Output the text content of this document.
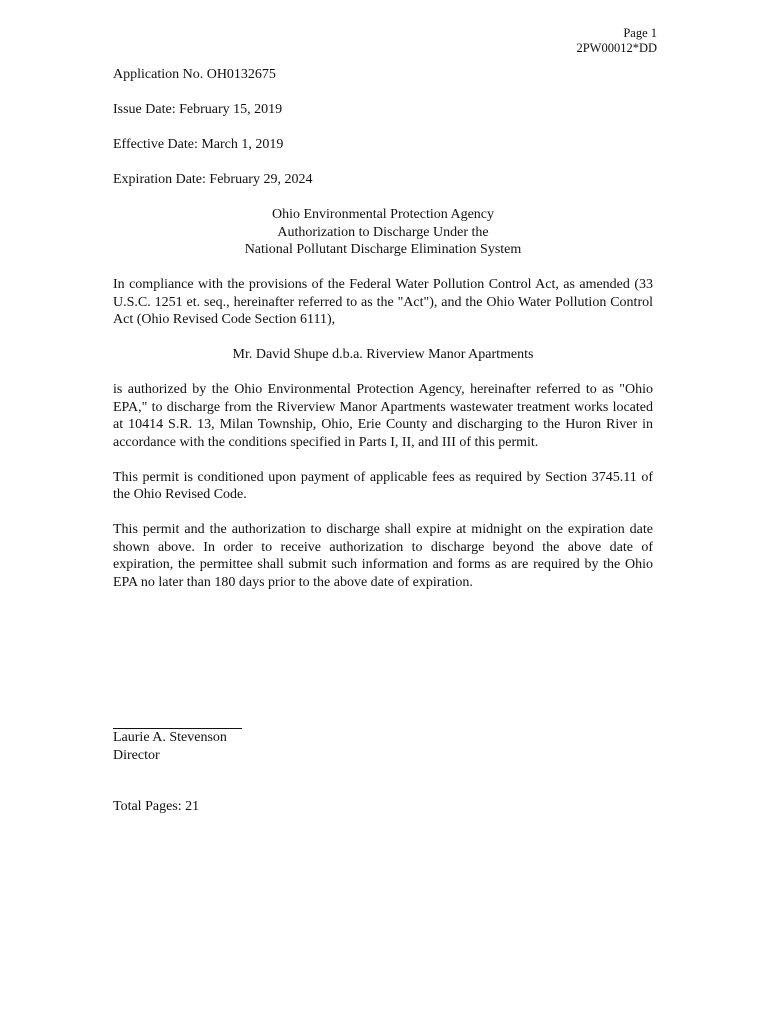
Page 1
2PW00012*DD
Application No. OH0132675
Issue Date: February 15, 2019
Effective Date: March 1, 2019
Expiration Date: February 29, 2024
Ohio Environmental Protection Agency
Authorization to Discharge Under the
National Pollutant Discharge Elimination System

In compliance with the provisions of the Federal Water Pollution Control Act, as amended (33 U.S.C. 1251 et. seq., hereinafter referred to as the "Act"), and the Ohio Water Pollution Control Act (Ohio Revised Code Section 6111),

Mr. David Shupe d.b.a. Riverview Manor Apartments

is authorized by the Ohio Environmental Protection Agency, hereinafter referred to as "Ohio EPA," to discharge from the Riverview Manor Apartments wastewater treatment works located at 10414 S.R. 13, Milan Township, Ohio, Erie County and discharging to the Huron River in accordance with the conditions specified in Parts I, II, and III of this permit.

This permit is conditioned upon payment of applicable fees as required by Section 3745.11 of the Ohio Revised Code.

This permit and the authorization to discharge shall expire at midnight on the expiration date shown above. In order to receive authorization to discharge beyond the above date of expiration, the permittee shall submit such information and forms as are required by the Ohio EPA no later than 180 days prior to the above date of expiration.

Laurie A. Stevenson
Director
Total Pages: 21
